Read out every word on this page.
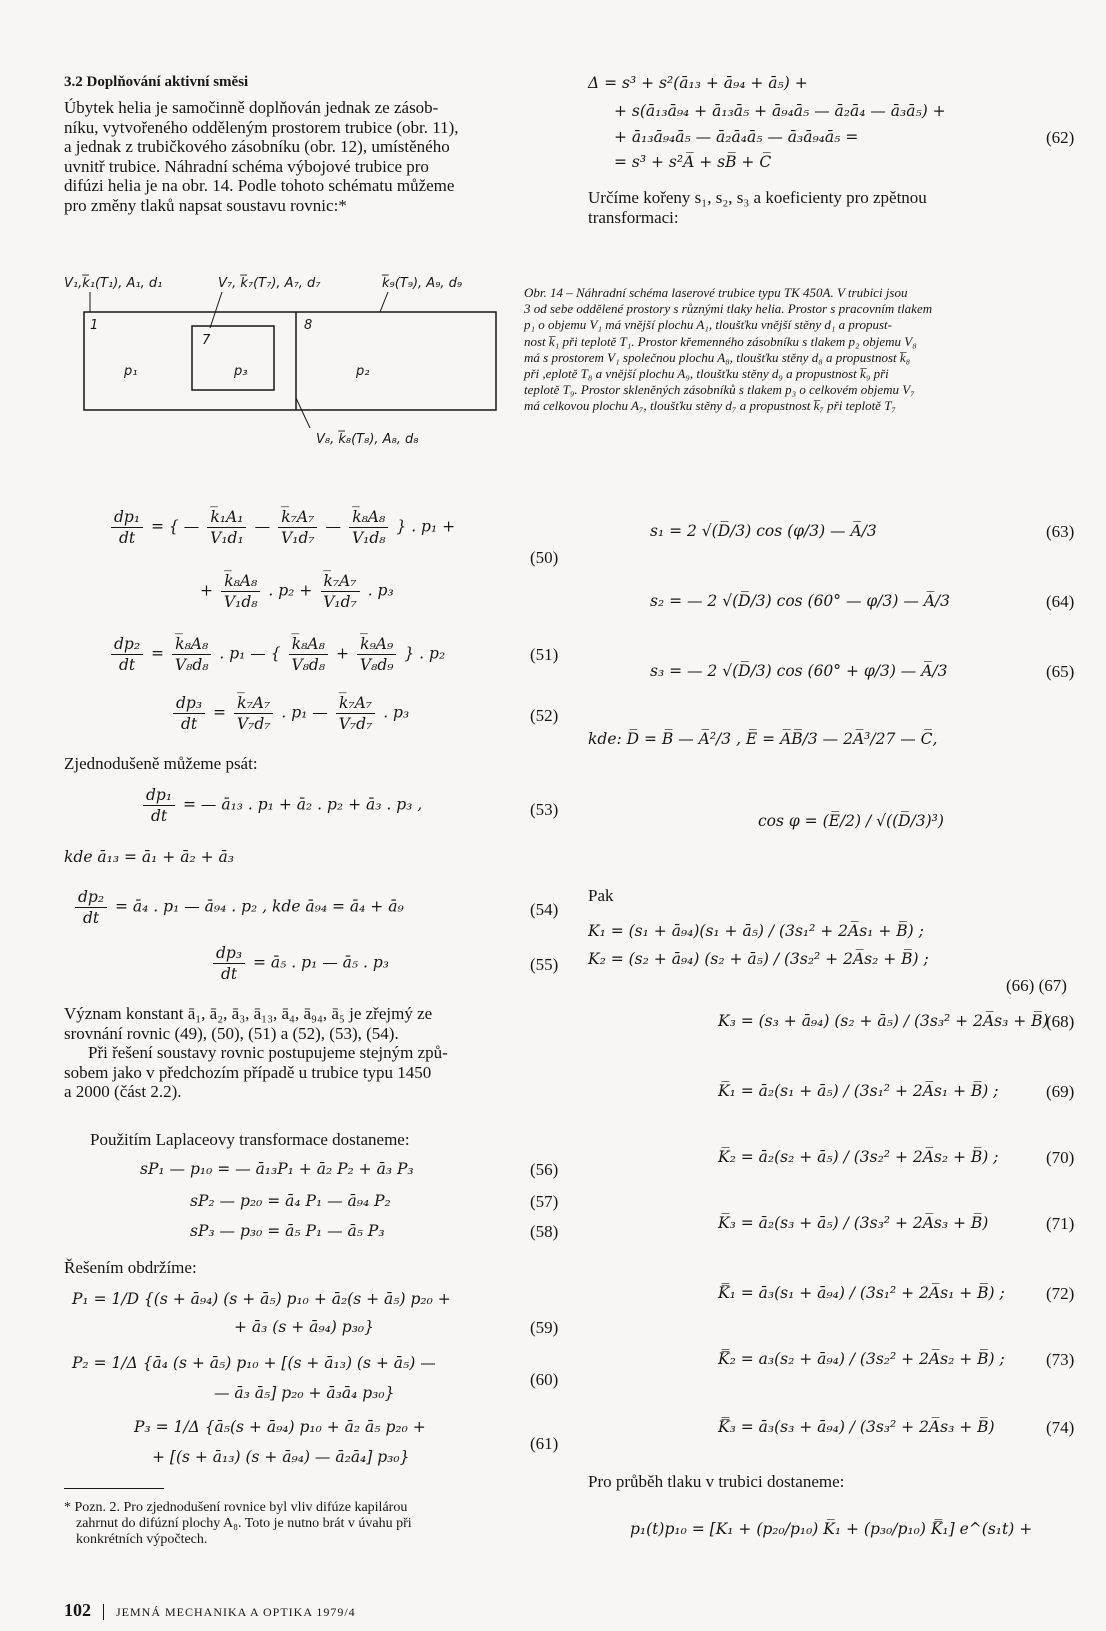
3.2 Doplňování aktivní směsi
Úbytek helia je samočinně doplňován jednak ze zásob-
níku, vytvořeného odděleným prostorem trubice (obr. 11),
a jednak z trubičkového zásobníku (obr. 12), umístěného
uvnitř trubice. Náhradní schéma výbojové trubice pro
difúzi helia je na obr. 14. Podle tohoto schématu můžeme
pro změny tlaků napsat soustavu rovnic:*
Δ = s³ + s²(ā₁₃ + ā₉₄ + ā₅) +
+ s(ā₁₃ā₉₄ + ā₁₃ā₅ + ā₉₄ā₅ — ā₂ā₄ — ā₃ā₅) +
+ ā₁₃ā₉₄ā₅ — ā₂ā₄ā₅ — ā₃ā₉₄ā₅ =
= s³ + s²A̅ + sB̅ + C̅
(62)
Určíme kořeny s₁, s₂, s₃ a koeficienty pro zpětnou
transformaci:
V₁,k̅₁(T₁), A₁, d₁	V₇, k̅₇(T₇), A₇, d₇	k̅₉(T₉), A₉, d₉
V₈, k̅₈(T₈), A₈, d₈
1
7
8
p₁	p₃	p₂
Obr. 14 – Náhradní schéma laserové trubice typu TK 450A. V trubici jsou
3 od sebe oddělené prostory s různými tlaky helia. Prostor s pracovním tlakem
p₁ o objemu V₁ má vnější plochu A₁, tloušťku vnější stěny d₁ a propust-
nost k̅₁ při teplotě T₁. Prostor křemenného zásobníku s tlakem p₂ objemu V₈
má s prostorem V₁ společnou plochu A₈, tloušťku stěny d₈ a propustnost k̅₈
při ,eplotě T₈ a vnější plochu A₉, tloušťku stěny d₉ a propustnost k̅₉ při
teplotě T₉. Prostor skleněných zásobníků s tlakem p₃ o celkovém objemu V₇
má celkovou plochu A₇, tloušťku stěny d₇ a propustnost k̅₇ při teplotě T₇
$\frac{\text{dp₁}}{dt}$ = { — $\frac{\text{k̅₁A₁}}{\text{V₁d₁}}$ — $\frac{\text{k̅₇A₇}}{\text{V₁d₇}}$ — $\frac{\text{k̅₈A₈}}{\text{V₁d₈}}$ } . p₁ +
+ $\frac{\text{k̅₈A₈}}{\text{V₁d₈}}$ . $p_2 + \frac{\text{k̅₇A₇}}{\text{V₁d₇}}$ . p₃
(50)
$\frac{\text{dp₂}}{dt} = \frac{\text{k̅₈A₈}}{\text{V₈d₈}}$ . p₁ — { $\frac{\text{k̅₈A₈}}{\text{V₈d₈}} + \frac{\text{k̅₉A₉}}{\text{V₈d₉}}$ } . p₂	(51)
$\frac{\text{dp₃}}{dt} = \frac{\text{k̅₇A₇}}{\text{V₇d₇}}$ . p₁ — $\frac{\text{k̅₇A₇}}{\text{V₇d₇}}$ . p₃	(52)
Zjednodušeně můžeme psát:
$\frac{\text{dp₁}}{dt}$ = — ā₁₃ . p₁ + ā₂ . p₂ + ā₃ . p₃ ,	(53)
kde ā₁₃ = ā₁ + ā₂ + ā₃
$\frac{\text{dp₂}}{dt}$ = ā₄ . p₁ — ā₉₄ . p₂ , kde ā₉₄ = ā₄ + ā₉	(54)
$\frac{\text{dp₃}}{dt}$ = ā₅ . p₁ — ā₅ . p₃	(55)
Význam konstant ā₁, ā₂, ā₃, ā₁₃, ā₄, ā₉₄, ā₅ je zřejmý ze
srovnání rovnic (49), (50), (51) a (52), (53), (54).
Při řešení soustavy rovnic postupujeme stejným způ-
sobem jako v předchozím případě u trubice typu 1450
a 2000 (část 2.2).
Použitím Laplaceovy transformace dostaneme:
sP₁ — p₁₀ = — ā₁₃P₁ + ā₂ P₂ + ā₃ P₃	(56)
sP₂ — p₂₀ = ā₄ P₁ — ā₉₄ P₂	(57)
sP₃ — p₃₀ = ā₅ P₁ — ā₅ P₃	(58)
Řešením obdržíme:
P₁ = 1/D {(s + ā₉₄) (s + ā₅) p₁₀ + ā₂(s + ā₅) p₂₀ +
+ ā₃ (s + ā₉₄) p₃₀}	(59)
P₂ = 1/Δ {ā₄ (s + ā₅) p₁₀ + [(s + ā₁₃) (s + ā₅) —
— ā₃ ā₅] p₂₀ + ā₃ā₄ p₃₀}
(60)
P₃ = 1/Δ {ā₅(s + ā₉₄) p₁₀ + ā₂ ā₅ p₂₀ +
+ [(s + ā₁₃) (s + ā₉₄) — ā₂ā₄] p₃₀}
(61)
* Pozn. 2. Pro zjednodušení rovnice byl vliv difúze kapilárou
zahrnut do difúzní plochy A₈. Toto je nutno brát v úvahu při
konkrétních výpočtech.
102 JEMNÁ MECHANIKA A OPTIKA 1979/4
s₁ = 2 √(D̅/3) cos (φ/3) — A̅/3	(63)
s₂ = — 2 √(D̅/3) cos (60° — φ/3) — A̅/3	(64)
s₃ = — 2 √(D̅/3) cos (60° + φ/3) — A̅/3	(65)
kde: D̅ = B̅ — A̅²/3 , E̅ = A̅B̅/3 — 2A̅³/27 — C̅,
cos φ = (E̅/2) / √((D̅/3)³)
Pak
K₁ = (s₁ + ā₉₄)(s₁ + ā₅) / (3s₁² + 2A̅s₁ + B̅) ;
K₂ = (s₂ + ā₉₄) (s₂ + ā₅) / (3s₂² + 2A̅s₂ + B̅) ;
(66) (67)
K₃ = (s₃ + ā₉₄) (s₂ + ā₅) / (3s₃² + 2A̅s₃ + B̅)
(68)
K̅₁ = ā₂(s₁ + ā₅) / (3s₁² + 2A̅s₁ + B̅) ;	(69)
K̅₂ = ā₂(s₂ + ā₅) / (3s₂² + 2A̅s₂ + B̅) ;	(70)
K̅₃ = ā₂(s₃ + ā₅) / (3s₃² + 2A̅s₃ + B̅)	(71)
K̿₁ = ā₃(s₁ + ā₉₄) / (3s₁² + 2A̅s₁ + B̅) ; (72)
K̿₂ = a₃(s₂ + ā₉₄) / (3s₂² + 2A̅s₂ + B̅) ; (73)
K̿₃ = ā₃(s₃ + ā₉₄) / (3s₃² + 2A̅s₃ + B̅)	(74)
Pro průběh tlaku v trubici dostaneme:
p₁(t)p₁₀ = [K₁ + (p₂₀/p₁₀) K̅₁ + (p₃₀/p₁₀) K̿₁] e^(s₁t) +
